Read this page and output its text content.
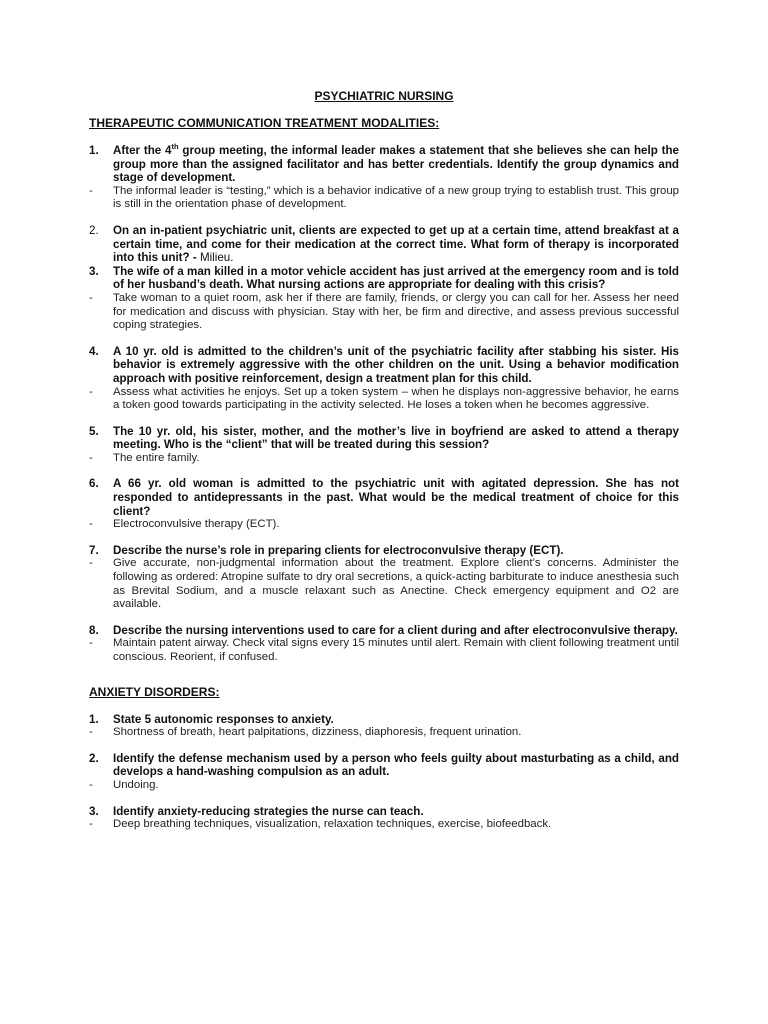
PSYCHIATRIC NURSING
THERAPEUTIC COMMUNICATION TREATMENT MODALITIES:
1.	After the 4th group meeting, the informal leader makes a statement that she believes she can help the group more than the assigned facilitator and has better credentials. Identify the group dynamics and stage of development.
-	The informal leader is “testing,” which is a behavior indicative of a new group trying to establish trust. This group is still in the orientation phase of development.
2.	On an in-patient psychiatric unit, clients are expected to get up at a certain time, attend breakfast at a certain time, and come for their medication at the correct time. What form of therapy is incorporated into this unit? - Milieu.
3.	The wife of a man killed in a motor vehicle accident has just arrived at the emergency room and is told of her husband’s death. What nursing actions are appropriate for dealing with this crisis?
-	Take woman to a quiet room, ask her if there are family, friends, or clergy you can call for her. Assess her need for medication and discuss with physician. Stay with her, be firm and directive, and assess previous successful coping strategies.
4.	A 10 yr. old is admitted to the children’s unit of the psychiatric facility after stabbing his sister. His behavior is extremely aggressive with the other children on the unit. Using a behavior modification approach with positive reinforcement, design a treatment plan for this child.
-	Assess what activities he enjoys. Set up a token system – when he displays non-aggressive behavior, he earns a token good towards participating in the activity selected. He loses a token when he becomes aggressive.
5.	The 10 yr. old, his sister, mother, and the mother’s live in boyfriend are asked to attend a therapy meeting. Who is the “client” that will be treated during this session?
-	The entire family.
6.	A 66 yr. old woman is admitted to the psychiatric unit with agitated depression. She has not responded to antidepressants in the past. What would be the medical treatment of choice for this client?
-	Electroconvulsive therapy (ECT).
7.	Describe the nurse’s role in preparing clients for electroconvulsive therapy (ECT).
-	Give accurate, non-judgmental information about the treatment. Explore client’s concerns. Administer the following as ordered: Atropine sulfate to dry oral secretions, a quick-acting barbiturate to induce anesthesia such as Brevital Sodium, and a muscle relaxant such as Anectine. Check emergency equipment and O2 are available.
8.	Describe the nursing interventions used to care for a client during and after electroconvulsive therapy.
-	Maintain patent airway. Check vital signs every 15 minutes until alert. Remain with client following treatment until conscious. Reorient, if confused.
ANXIETY DISORDERS:
1.	State 5 autonomic responses to anxiety.
-	Shortness of breath, heart palpitations, dizziness, diaphoresis, frequent urination.
2.	Identify the defense mechanism used by a person who feels guilty about masturbating as a child, and develops a hand-washing compulsion as an adult.
-	Undoing.
3.	Identify anxiety-reducing strategies the nurse can teach.
-	Deep breathing techniques, visualization, relaxation techniques, exercise, biofeedback.
